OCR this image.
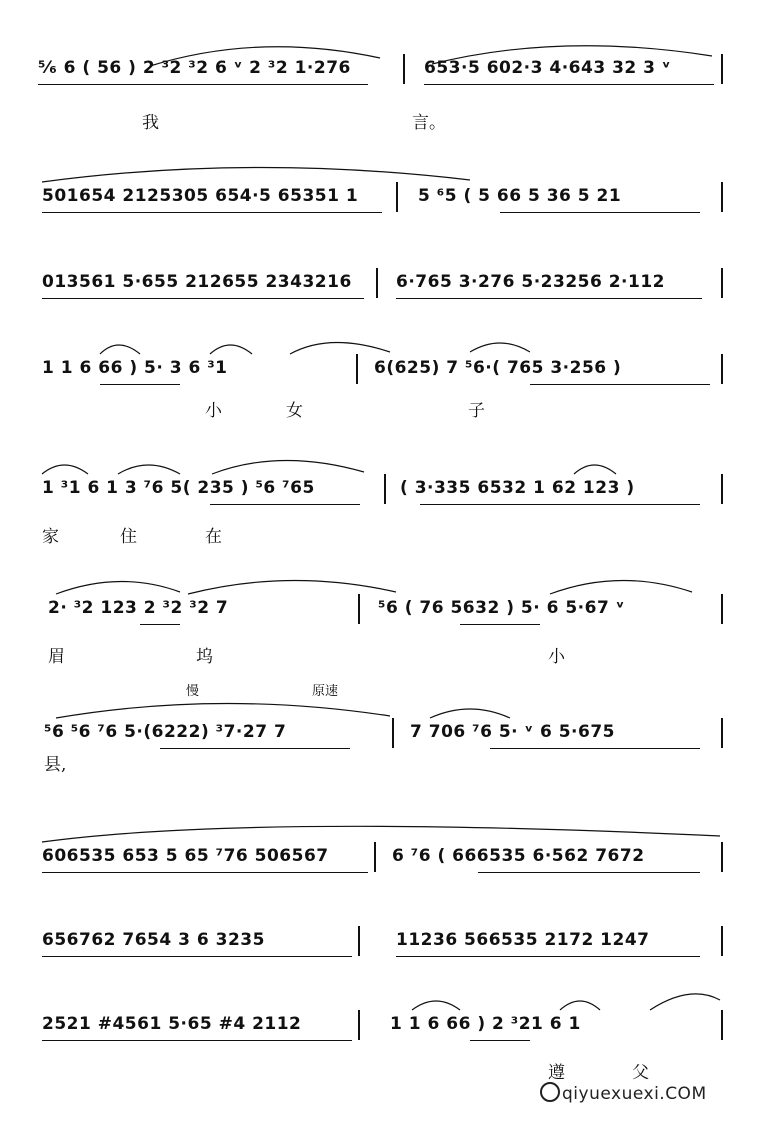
⁵⁄₆ 6 ( 56 ) 2 ³2 ³2 6 ᵛ 2 ³2 1·276	653·5 602·3 4·643 32 3 ᵛ
我	言。
501654 2125305 654·5 65351 1	5 ⁶5 ( 5 66 5 36 5 21
013561 5·655 212655 2343216	6·765 3·276 5·23256 2·112
1 1 6 66 ) 5· 3 6 ³1	6(625) 7 ⁵6·( 765 3·256 )
小	女	子
1 ³1 6 1 3 ⁷6 5( 235 ) ⁵6 ⁷65	( 3·335 6532 1 62 123 )
家	住	在
2· ³2 123 2 ³2 ³2 7	⁵6 ( 76 5632 ) 5· 6 5·67 ᵛ
眉	坞	小
慢	原速
⁵6 ⁵6 ⁷6 5·(6222) ³7·27 7	7 706 ⁷6 5· ᵛ 6 5·675
县,
606535 653 5 65 ⁷76 506567	6 ⁷6 ( 666535 6·562 7672
656762 7654 3 6 3235	11236 566535 2172 1247
2521 #4561 5·65 #4 2112	1 1 6 66 ) 2 ³21 6 1
遵	父
qiyuexuexi.COM
